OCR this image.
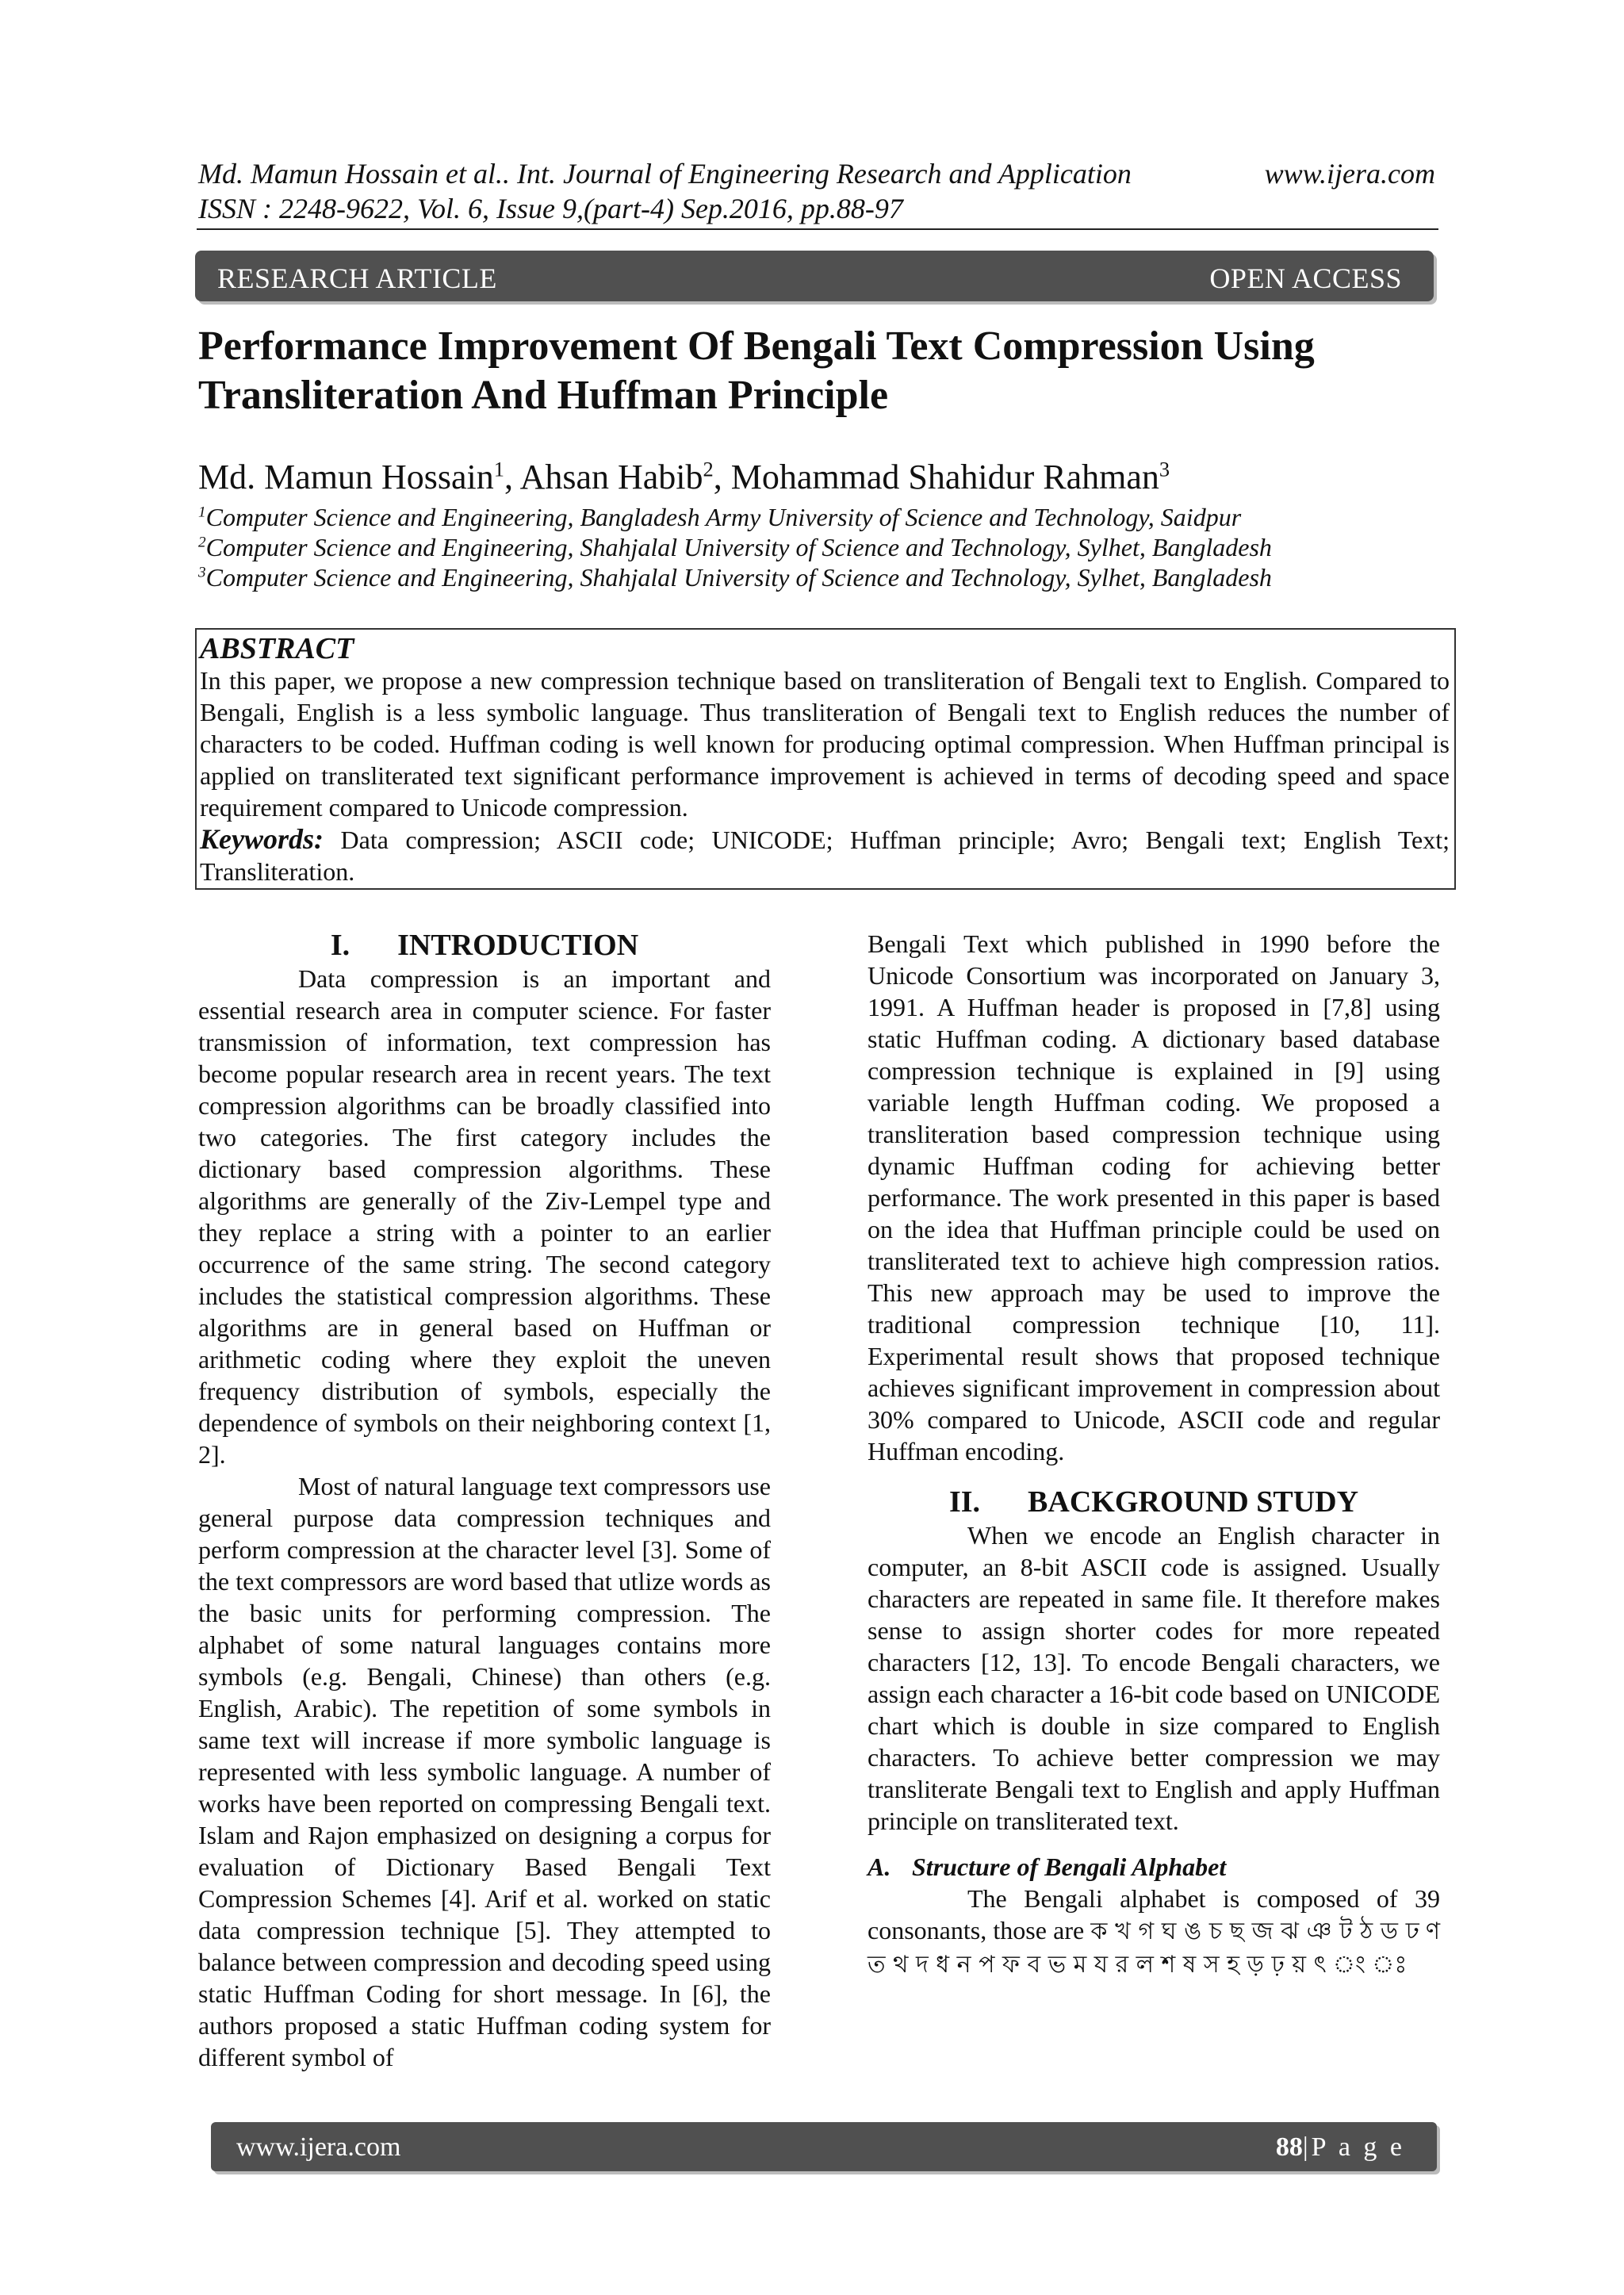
Md. Mamun Hossain et al.. Int. Journal of Engineering Research and Application	www.ijera.com
ISSN : 2248-9622, Vol. 6, Issue 9,(part-4) Sep.2016, pp.88-97
RESEARCH ARTICLE	OPEN ACCESS
Performance Improvement Of Bengali Text Compression Using Transliteration And Huffman Principle
Md. Mamun Hossain$^1$, Ahsan Habib$^2$, Mohammad Shahidur Rahman$^3$
$^1$Computer Science and Engineering, Bangladesh Army University of Science and Technology, Saidpur
$^2$Computer Science and Engineering, Shahjalal University of Science and Technology, Sylhet, Bangladesh
$^3$Computer Science and Engineering, Shahjalal University of Science and Technology, Sylhet, Bangladesh
ABSTRACT
In this paper, we propose a new compression technique based on transliteration of Bengali text to English. Compared to Bengali, English is a less symbolic language. Thus transliteration of Bengali text to English reduces the number of characters to be coded. Huffman coding is well known for producing optimal compression. When Huffman principal is applied on transliterated text significant performance improvement is achieved in terms of decoding speed and space requirement compared to Unicode compression.
Keywords: Data compression; ASCII code; UNICODE; Huffman principle; Avro; Bengali text; English Text; Transliteration.
I. INTRODUCTION

Data compression is an important and essential research area in computer science. For faster transmission of information, text compression has become popular research area in recent years. The text compression algorithms can be broadly classified into two categories. The first category includes the dictionary based compression algorithms. These algorithms are generally of the Ziv-Lempel type and they replace a string with a pointer to an earlier occurrence of the same string. The second category includes the statistical compression algorithms. These algorithms are in general based on Huffman or arithmetic coding where they exploit the uneven frequency distribution of symbols, especially the dependence of symbols on their neighboring context [1, 2].

Most of natural language text compressors use general purpose data compression techniques and perform compression at the character level [3]. Some of the text compressors are word based that utlize words as the basic units for performing compression. The alphabet of some natural languages contains more symbols (e.g. Bengali, Chinese) than others (e.g. English, Arabic). The repetition of some symbols in same text will increase if more symbolic language is represented with less symbolic language. A number of works have been reported on compressing Bengali text. Islam and Rajon emphasized on designing a corpus for evaluation of Dictionary Based Bengali Text Compression Schemes [4]. Arif et al. worked on static data compression technique [5]. They attempted to balance between compression and decoding speed using static Huffman Coding for short message. In [6], the authors proposed a static Huffman coding system for different symbol of

Bengali Text which published in 1990 before the Unicode Consortium was incorporated on January 3, 1991. A Huffman header is proposed in [7,8] using static Huffman coding. A dictionary based database compression technique is explained in [9] using variable length Huffman coding. We proposed a transliteration based compression technique using dynamic Huffman coding for achieving better performance. The work presented in this paper is based on the idea that Huffman principle could be used on transliterated text to achieve high compression ratios. This new approach may be used to improve the traditional compression technique [10, 11]. Experimental result shows that proposed technique achieves significant improvement in compression about 30% compared to Unicode, ASCII code and regular Huffman encoding.

II. BACKGROUND STUDY

When we encode an English character in computer, an 8-bit ASCII code is assigned. Usually characters are repeated in same file. It therefore makes sense to assign shorter codes for more repeated characters [12, 13]. To encode Bengali characters, we assign each character a 16-bit code based on UNICODE chart which is double in size compared to English characters. To achieve better compression we may transliterate Bengali text to English and apply Huffman principle on transliterated text.

A. Structure of Bengali Alphabet

The Bengali alphabet is composed of 39 consonants, those are ক খ গ ঘ ঙ চ ছ জ ঝ ঞ ট ঠ ড ঢ ণ ত থ দ ধ ন প ফ ব ভ ম য র ল শ ষ স হ ড় ঢ় য় ৎ ং ঃ

www.ijera.com	88|P a g e
